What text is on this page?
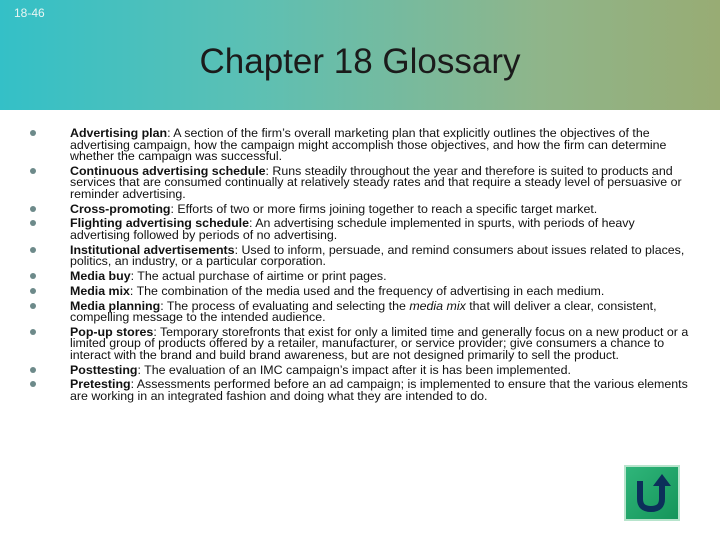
18-46
Chapter 18 Glossary
Advertising plan: A section of the firm’s overall marketing plan that explicitly outlines the objectives of the advertising campaign, how the campaign might accomplish those objectives, and how the firm can determine whether the campaign was successful.
Continuous advertising schedule: Runs steadily throughout the year and therefore is suited to products and services that are consumed continually at relatively steady rates and that require a steady level of persuasive or reminder advertising.
Cross-promoting: Efforts of two or more firms joining together to reach a specific target market.
Flighting advertising schedule: An advertising schedule implemented in spurts, with periods of heavy advertising followed by periods of no advertising.
Institutional advertisements: Used to inform, persuade, and remind consumers about issues related to places, politics, an industry, or a particular corporation.
Media buy: The actual purchase of airtime or print pages.
Media mix: The combination of the media used and the frequency of advertising in each medium.
Media planning: The process of evaluating and selecting the media mix that will deliver a clear, consistent, compelling message to the intended audience.
Pop-up stores: Temporary storefronts that exist for only a limited time and generally focus on a new product or a limited group of products offered by a retailer, manufacturer, or service provider; give consumers a chance to interact with the brand and build brand awareness, but are not designed primarily to sell the product.
Posttesting: The evaluation of an IMC campaign’s impact after it is has been implemented.
Pretesting: Assessments performed before an ad campaign; is implemented to ensure that the various elements are working in an integrated fashion and doing what they are intended to do.
